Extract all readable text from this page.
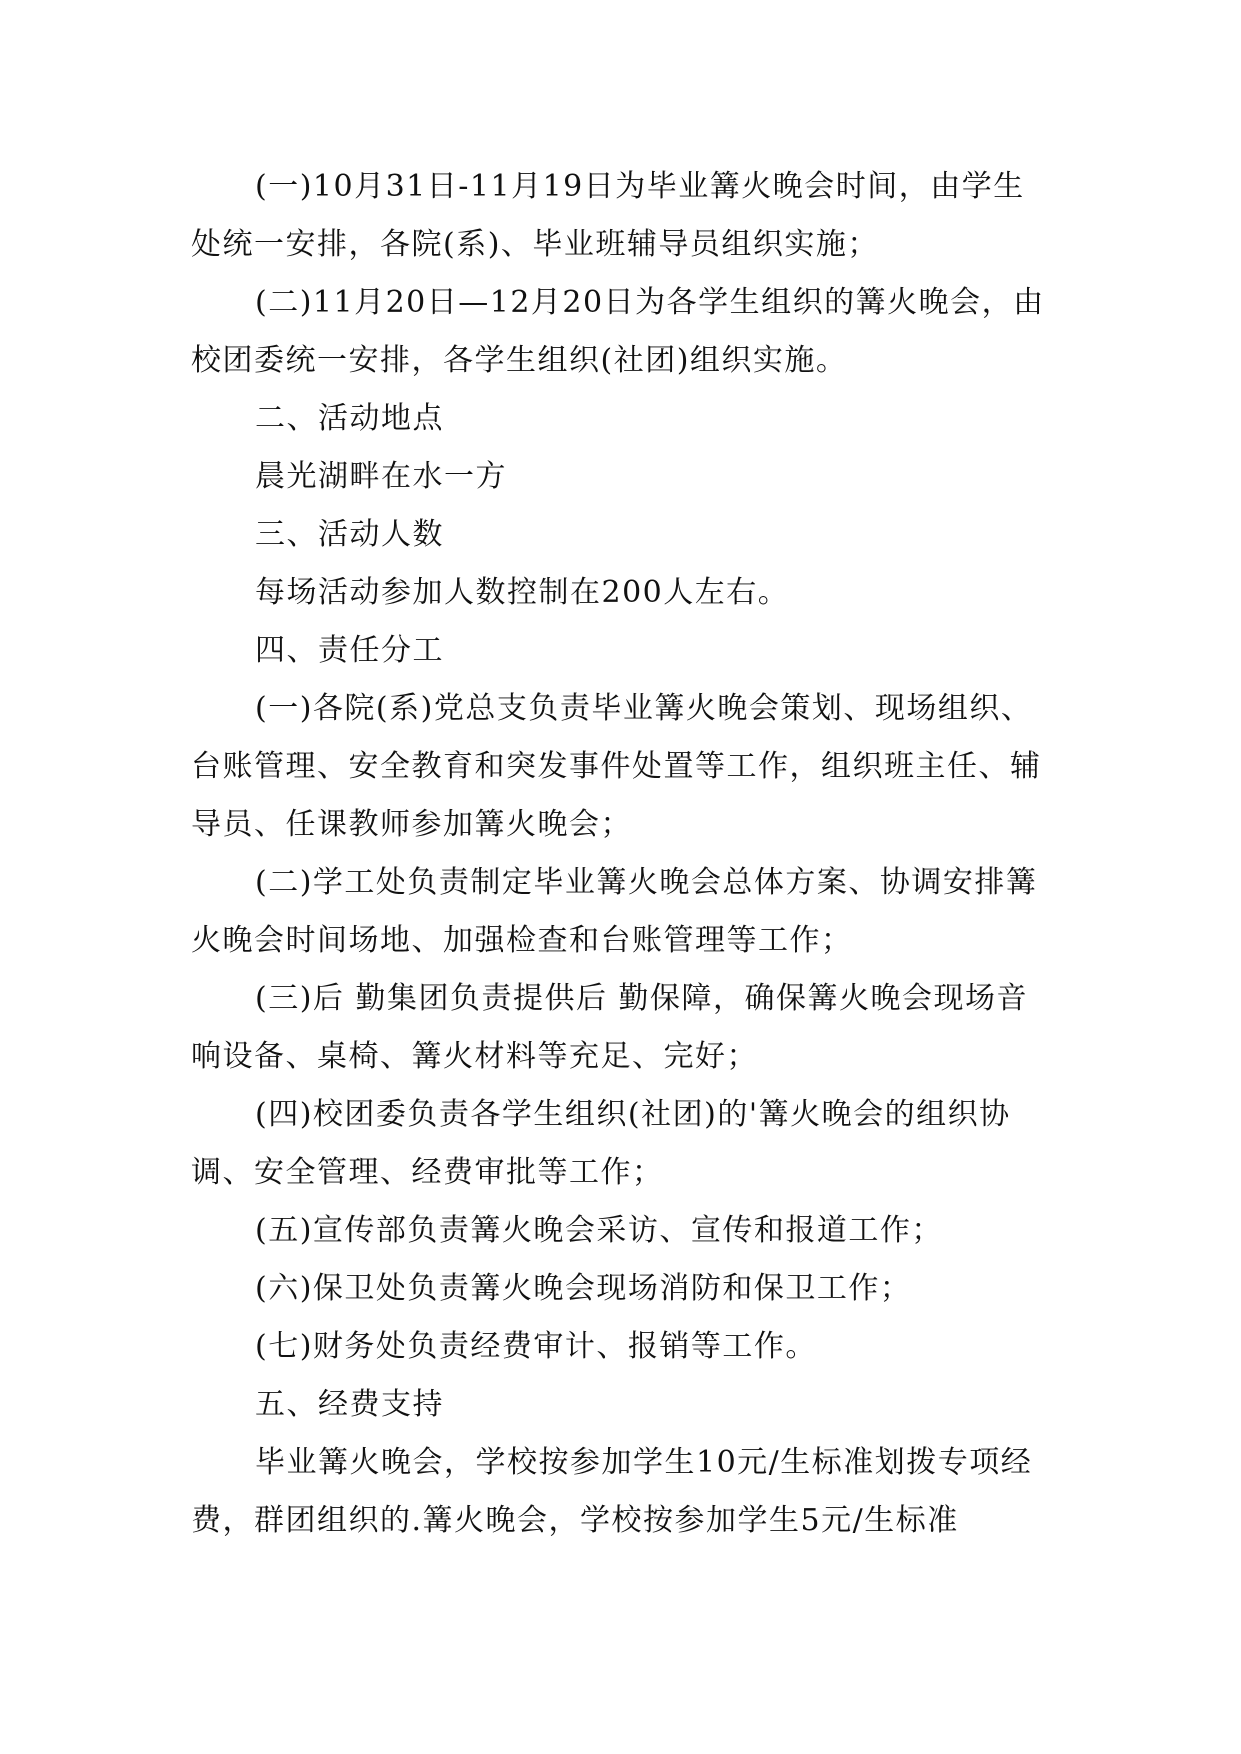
(一)10月31日-11月19日为毕业篝火晚会时间，由学生处统一安排，各院(系)、毕业班辅导员组织实施；

(二)11月20日—12月20日为各学生组织的篝火晚会，由校团委统一安排，各学生组织(社团)组织实施。

二、活动地点

晨光湖畔在水一方

三、活动人数

每场活动参加人数控制在200人左右。

四、责任分工

(一)各院(系)党总支负责毕业篝火晚会策划、现场组织、台账管理、安全教育和突发事件处置等工作，组织班主任、辅导员、任课教师参加篝火晚会；

(二)学工处负责制定毕业篝火晚会总体方案、协调安排篝火晚会时间场地、加强检查和台账管理等工作；

(三)后 勤集团负责提供后 勤保障，确保篝火晚会现场音响设备、桌椅、篝火材料等充足、完好；

(四)校团委负责各学生组织(社团)的'篝火晚会的组织协调、安全管理、经费审批等工作；

(五)宣传部负责篝火晚会采访、宣传和报道工作；

(六)保卫处负责篝火晚会现场消防和保卫工作；

(七)财务处负责经费审计、报销等工作。

五、经费支持

毕业篝火晚会，学校按参加学生10元/生标准划拨专项经费，群团组织的.篝火晚会，学校按参加学生5元/生标准
